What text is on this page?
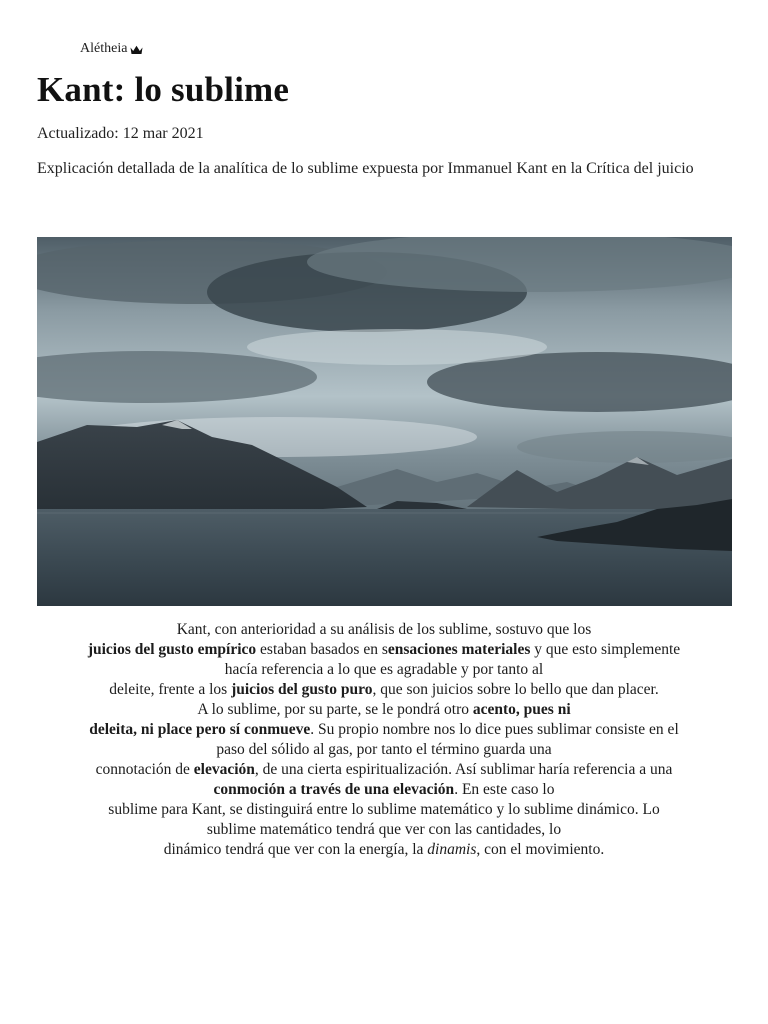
Alétheia
Kant: lo sublime
Actualizado: 12 mar 2021
Explicación detallada de la analítica de lo sublime expuesta por Immanuel Kant en la Crítica del juicio
Kant, con anterioridad a su análisis de los sublime, sostuvo que los
juicios del gusto empírico estaban basados en sensaciones materiales y que esto simplemente
hacía referencia a lo que es agradable y por tanto al
deleite, frente a los juicios del gusto puro, que son juicios sobre lo bello que dan placer.
A lo sublime, por su parte, se le pondrá otro acento, pues ni
deleita, ni place pero sí conmueve. Su propio nombre nos lo dice pues sublimar consiste en el
paso del sólido al gas, por tanto el término guarda una
connotación de elevación, de una cierta espiritualización. Así sublimar haría referencia a una
conmoción a través de una elevación. En este caso lo
sublime para Kant, se distinguirá entre lo sublime matemático y lo sublime dinámico. Lo
sublime matemático tendrá que ver con las cantidades, lo
dinámico tendrá que ver con la energía, la dinamis, con el movimiento.
